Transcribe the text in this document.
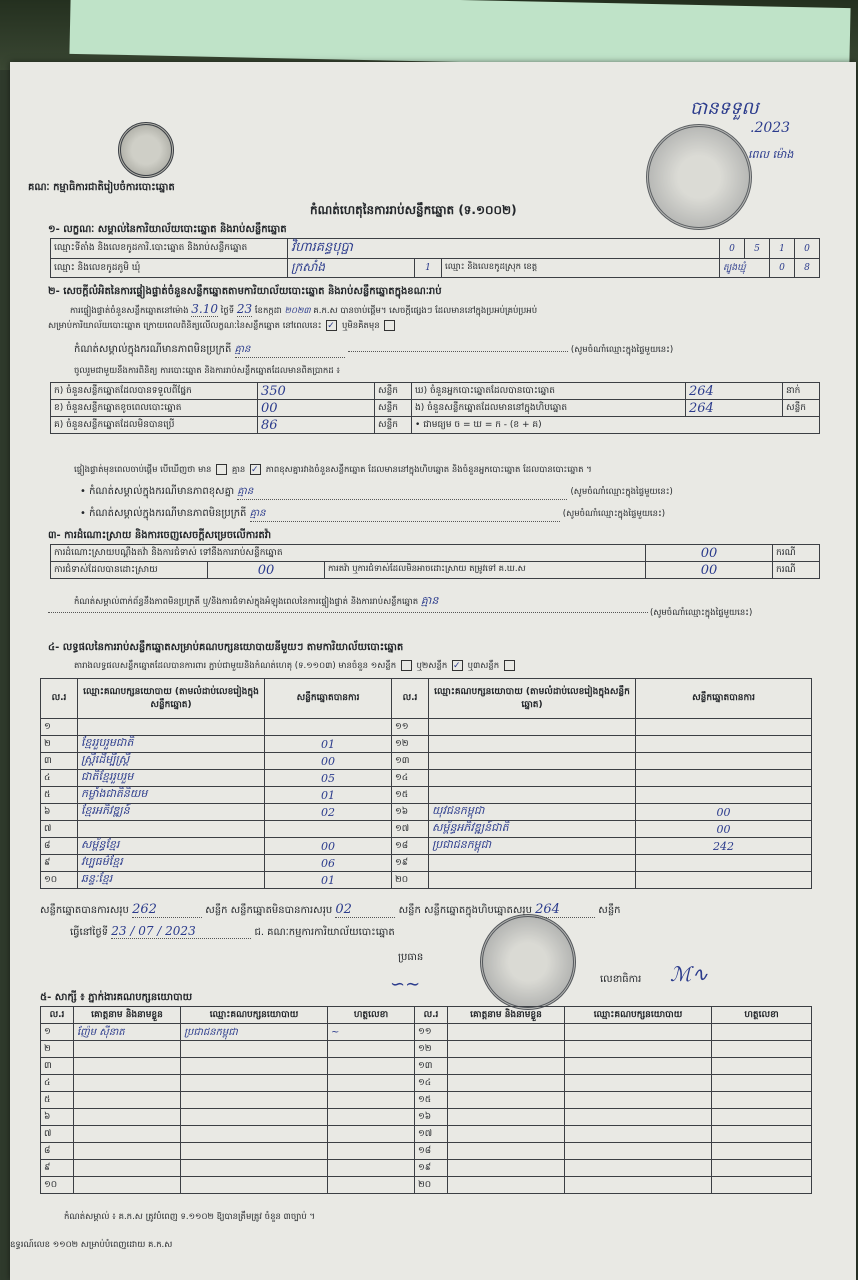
គណៈ កម្មាធិការជាតិរៀបចំការបោះឆ្នោត
បានទទួល
.2023
ពេល ម៉ោង
កំណត់ហេតុនៃការរាប់សន្លឹកឆ្នោត (ទ.១០០២)
១- លក្ខណៈ សម្គាល់នៃការិយាល័យបោះឆ្នោត និងរាប់សន្លឹកឆ្នោត
ឈ្មោះទីតាំង និងលេខកូដការិ.បោះឆ្នោត និងរាប់សន្លឹកឆ្នោត	វិហារគន្ធបុប្ផា			0	5	1	0
ឈ្មោះ និងលេខកូដភូមិ ឃុំ	ក្រសាំង	1	ឈ្មោះ និងលេខកូដស្រុក ខេត្ត	ត្បូងឃ្មុំ		0	8
២- សេចក្ដីលំអិតនៃការផ្ទៀងផ្ទាត់ចំនួនសន្លឹកឆ្នោតតាមការិយាល័យបោះឆ្នោត និងរាប់សន្លឹកឆ្នោតក្នុងខណៈរាប់
ការផ្ទៀងផ្ទាត់ចំនួនសន្លឹកឆ្នោតនៅម៉ោង 3.10 ថ្ងៃទី 23 ខែកក្កដា ២០២៣ គ.ក.ស បានចាប់ផ្តើម។ សេចក្ដីផ្សេងៗ ដែលមាននៅក្នុងប្រអប់គ្រប់ប្រអប់
សម្រាប់ការិយាល័យបោះឆ្នោត ក្រោយពេលពិនិត្យលើលក្ខណៈនៃសន្លឹកឆ្នោត នៅពេលនេះ ✓ ឬមិនគិតមុន
កំណត់សម្គាល់ក្នុងករណីមានភាពមិនប្រក្រតី គ្មាន	(សូមចំណាំឈ្មោះក្នុងផ្ទៃមួយនេះ)
ចូលរួមជាមួយនឹងការពិនិត្យ ការបោះឆ្នោត និងការរាប់សន្លឹកឆ្នោតដែលមានពិតប្រាកដ ៖
ក) ចំនួនសន្លឹកឆ្នោតដែលបានទទួលពីផ្នែក	350	សន្លឹក	ឃ) ចំនួនអ្នកបោះឆ្នោតដែលបានបោះឆ្នោត	264	នាក់
ខ) ចំនួនសន្លឹកឆ្នោតខូចពេលបោះឆ្នោត	00	សន្លឹក	ង) ចំនួនសន្លឹកឆ្នោតដែលមាននៅក្នុងហិបឆ្នោត	264	សន្លឹក
គ) ចំនួនសន្លឹកឆ្នោតដែលមិនបានប្រើ	86	សន្លឹក	• ជាមធ្យម ច = ឃ = ក - (ខ + គ)		
ផ្ទៀងផ្ទាត់មុនពេលចាប់ផ្តើម បើឃើញថា មាន គ្មាន ✓ ភាពខុសគ្នារវាងចំនួនសន្លឹកឆ្នោត ដែលមាននៅក្នុងហិបឆ្នោត និងចំនួនអ្នកបោះឆ្នោត ដែលបានបោះឆ្នោត ។
• កំណត់សម្គាល់ក្នុងករណីមានភាពខុសគ្នា គ្មាន	(សូមចំណាំឈ្មោះក្នុងផ្ទៃមួយនេះ)
• កំណត់សម្គាល់ក្នុងករណីមានភាពមិនប្រក្រតី គ្មាន	(សូមចំណាំឈ្មោះក្នុងផ្ទៃមួយនេះ)
៣- ការដំណោះស្រាយ និងការចេញសេចក្ដីសម្រេចលើការតវ៉ា
ការដំណោះស្រាយបណ្ដឹងតវ៉ា និងការជំទាស់ ទៅនឹងការរាប់សន្លឹកឆ្នោត			00	ករណី
ការជំទាស់ដែលបានដោះស្រាយ	00	ការតវ៉ា ឬការជំទាស់ដែលមិនអាចដោះស្រាយ តម្រូវទៅ គ.ឃ.ស	00	ករណី
កំណត់សម្គាល់ពាក់ព័ន្ធនឹងភាពមិនប្រក្រតី ឬ/និងការជំទាស់ក្នុងអំឡុងពេលនៃការផ្ទៀងផ្ទាត់ និងការរាប់សន្លឹកឆ្នោត គ្មាន
(សូមចំណាំឈ្មោះក្នុងផ្ទៃមួយនេះ)
៤- លទ្ធផលនៃការរាប់សន្លឹកឆ្នោតសម្រាប់គណបក្សនយោបាយនីមួយៗ តាមការិយាល័យបោះឆ្នោត
តារាងលទ្ធផលសន្លឹកឆ្នោតដែលបានការពារ ភ្ជាប់ជាមួយនិងកំណត់ហេតុ (ទ.១១០៣) មានចំនួន ១សន្លឹក ឬ២សន្លឹក ✓ ឬ៣សន្លឹក
ល.រ	ឈ្មោះគណបក្សនយោបាយ (តាមលំដាប់លេខរៀងក្នុងសន្លឹកឆ្នោត)	សន្លឹកឆ្នោតបានការ	ល.រ	ឈ្មោះគណបក្សនយោបាយ (តាមលំដាប់លេខរៀងក្នុងសន្លឹកឆ្នោត)	សន្លឹកឆ្នោតបានការ
១			១១		
២	ខ្មែររួបរួមជាតិ	01	១២		
៣	ស្ត្រីដើម្បីស្ត្រី	00	១៣		
៤	ជាតិខ្មែររួបរួម	05	១៤		
៥	កម្លាំងជាតិនិយម	01	១៥		
៦	ខ្មែរអភិវឌ្ឍន៍	02	១៦	យុវជនកម្ពុជា	00
៧			១៧	សម្ព័ន្ធអភិវឌ្ឍន៍ជាតិ	00
៨	សម្ព័ន្ធខ្មែរ	00	១៨	ប្រជាជនកម្ពុជា	242
៩	វប្បធម៌ខ្មែរ	06	១៩		
១០	ឆន្ទៈខ្មែរ	01	២០		
សន្លឹកឆ្នោតបានការសរុប 262	សន្លឹក សន្លឹកឆ្នោតមិនបានការសរុប 02	សន្លឹក សន្លឹកឆ្នោតក្នុងហិបឆ្នោតសរុប 264	សន្លឹក
ធ្វើនៅថ្ងៃទី 23 / 07 / 2023	ជ. គណៈកម្មការការិយាល័យបោះឆ្នោត
ប្រធាន
∽∼	លេខាធិការ ℳ∿
៥- សាក្សី ៖ ភ្នាក់ងារគណបក្សនយោបាយ
ល.រ	គោត្តនាម និងនាមខ្លួន	ឈ្មោះគណបក្សនយោបាយ	ហត្ថលេខា	ល.រ	គោត្តនាម និងនាមខ្លួន	ឈ្មោះគណបក្សនយោបាយ	ហត្ថលេខា
១	ញ៉ែម ស៊ីនាត	ប្រជាជនកម្ពុជា	~	១១			
២				១២			
៣				១៣			
៤				១៤			
៥				១៥			
៦				១៦			
៧				១៧			
៨				១៨			
៩				១៩			
១០				២០			
កំណត់សម្គាល់ ៖ គ.ក.ស ត្រូវបំពេញ ទ.១១០២ ឱ្យបានត្រឹមត្រូវ ចំនួន ៣ច្បាប់ ។
ឧទ្ធរណ៍លេខ ១១០២ សម្រាប់បំពេញដោយ គ.ក.ស
